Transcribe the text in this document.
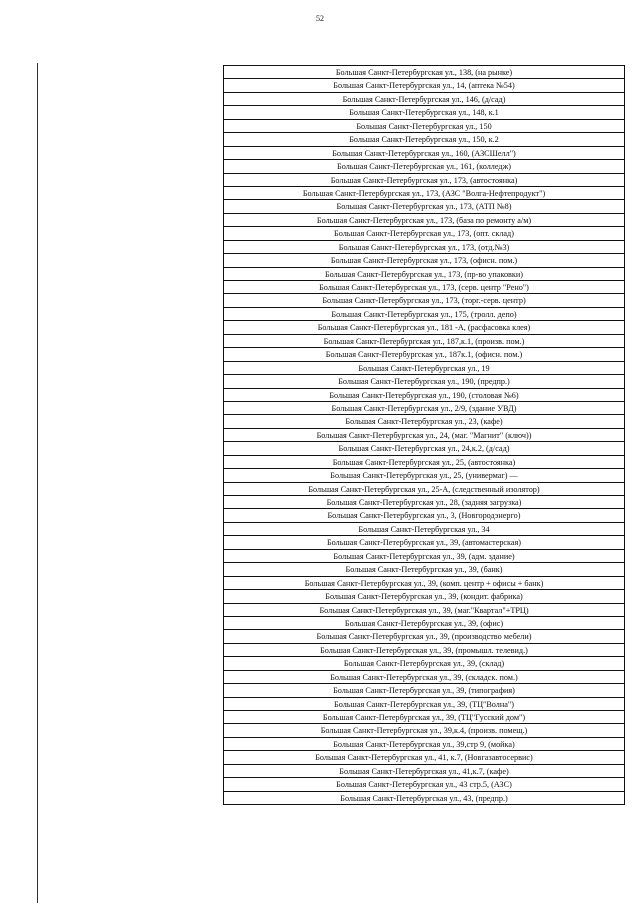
52
Большая Санкт-Петербургская ул., 138, (на рынке)
Большая Санкт-Петербургская ул., 14, (аптека №54)
Большая Санкт-Петербургская ул., 146, (д/сад)
Большая Санкт-Петербургская ул., 148, к.1
Большая Санкт-Петербургская ул., 150
Большая Санкт-Петербургская ул., 150, к.2
Большая Санкт-Петербургская ул., 160, (АЗСШелл")
Большая Санкт-Петербургская ул., 161, (колледж)
Большая Санкт-Петербургская ул., 173, (автостоянка)
Большая Санкт-Петербургская ул., 173, (АЗС "Волга-Нефтепродукт")
Большая Санкт-Петербургская ул., 173, (АТП №8)
Большая Санкт-Петербургская ул., 173, (база по ремонту а/м)
Большая Санкт-Петербургская ул., 173, (опт. склад)
Большая Санкт-Петербургская ул., 173, (отд.№3)
Большая Санкт-Петербургская ул., 173, (офисн. пом.)
Большая Санкт-Петербургская ул., 173, (пр-во упаковки)
Большая Санкт-Петербургская ул., 173, (серв. центр "Рено")
Большая Санкт-Петербургская ул., 173, (торг.-серв. центр)
Большая Санкт-Петербургская ул., 175, (тролл. депо)
Большая Санкт-Петербургская ул., 181 -А, (расфасовка клея)
Большая Санкт-Петербургская ул., 187,к.1, (произв. пом.)
Большая Санкт-Петербургская ул., 187к.1, (офисн. пом.)
Большая Санкт-Петербургская ул., 19
Большая Санкт-Петербургская ул., 190, (предпр.)
Большая Санкт-Петербургская ул., 190, (столовая №6)
Большая Санкт-Петербургская ул., 2/9, (здание УВД)
Большая Санкт-Петербургская ул., 23, (кафе)
Большая Санкт-Петербургская ул., 24, (маг. "Магнит" (ключ))
Большая Санкт-Петербургская ул., 24,к.2, (д/сад)
Большая Санкт-Петербургская ул., 25, (автостоянка)
Большая Санкт-Петербургская ул., 25, (универмаг) —
Большая Санкт-Петербургская ул., 25-А, (следственный изолятор)
Большая Санкт-Петербургская ул., 28, (задняя загрузка)
Большая Санкт-Петербургская ул., 3, (Новгородэнерго)
Большая Санкт-Петербургская ул., 34
Большая Санкт-Петербургская ул., 39, (автомастерская)
Большая Санкт-Петербургская ул., 39, (адм. здание)
Большая Санкт-Петербургская ул., 39, (банк)
Большая Санкт-Петербургская ул., 39, (комп. центр + офисы + банк)
Большая Санкт-Петербургская ул., 39, (кондит. фабрика)
Большая Санкт-Петербургская ул., 39, (маг."Квартал"+ТРЦ)
Большая Санкт-Петербургская ул., 39, (офис)
Большая Санкт-Петербургская ул., 39, (производство мебели)
Большая Санкт-Петербургская ул., 39, (промышл. телевид.)
Большая Санкт-Петербургская ул., 39, (склад)
Большая Санкт-Петербургская ул., 39, (складск. пом.)
Большая Санкт-Петербургская ул., 39, (типография)
Большая Санкт-Петербургская ул., 39, (ТЦ"Волна")
Большая Санкт-Петербургская ул., 39, (ТЦ"Гусский дом")
Большая Санкт-Петербургская ул., 39,к.4, (произв. помещ.)
Большая Санкт-Петербургская ул., 39,стр 9, (мойка)
Большая Санкт-Петербургская ул., 41, к.7, (Новгазавтосервис)
Большая Санкт-Петербургская ул., 41,к.7, (кафе)
Большая Санкт-Петербургская ул., 43 стр.5, (АЗС)
Большая Санкт-Петербургская ул., 43, (предпр.)
